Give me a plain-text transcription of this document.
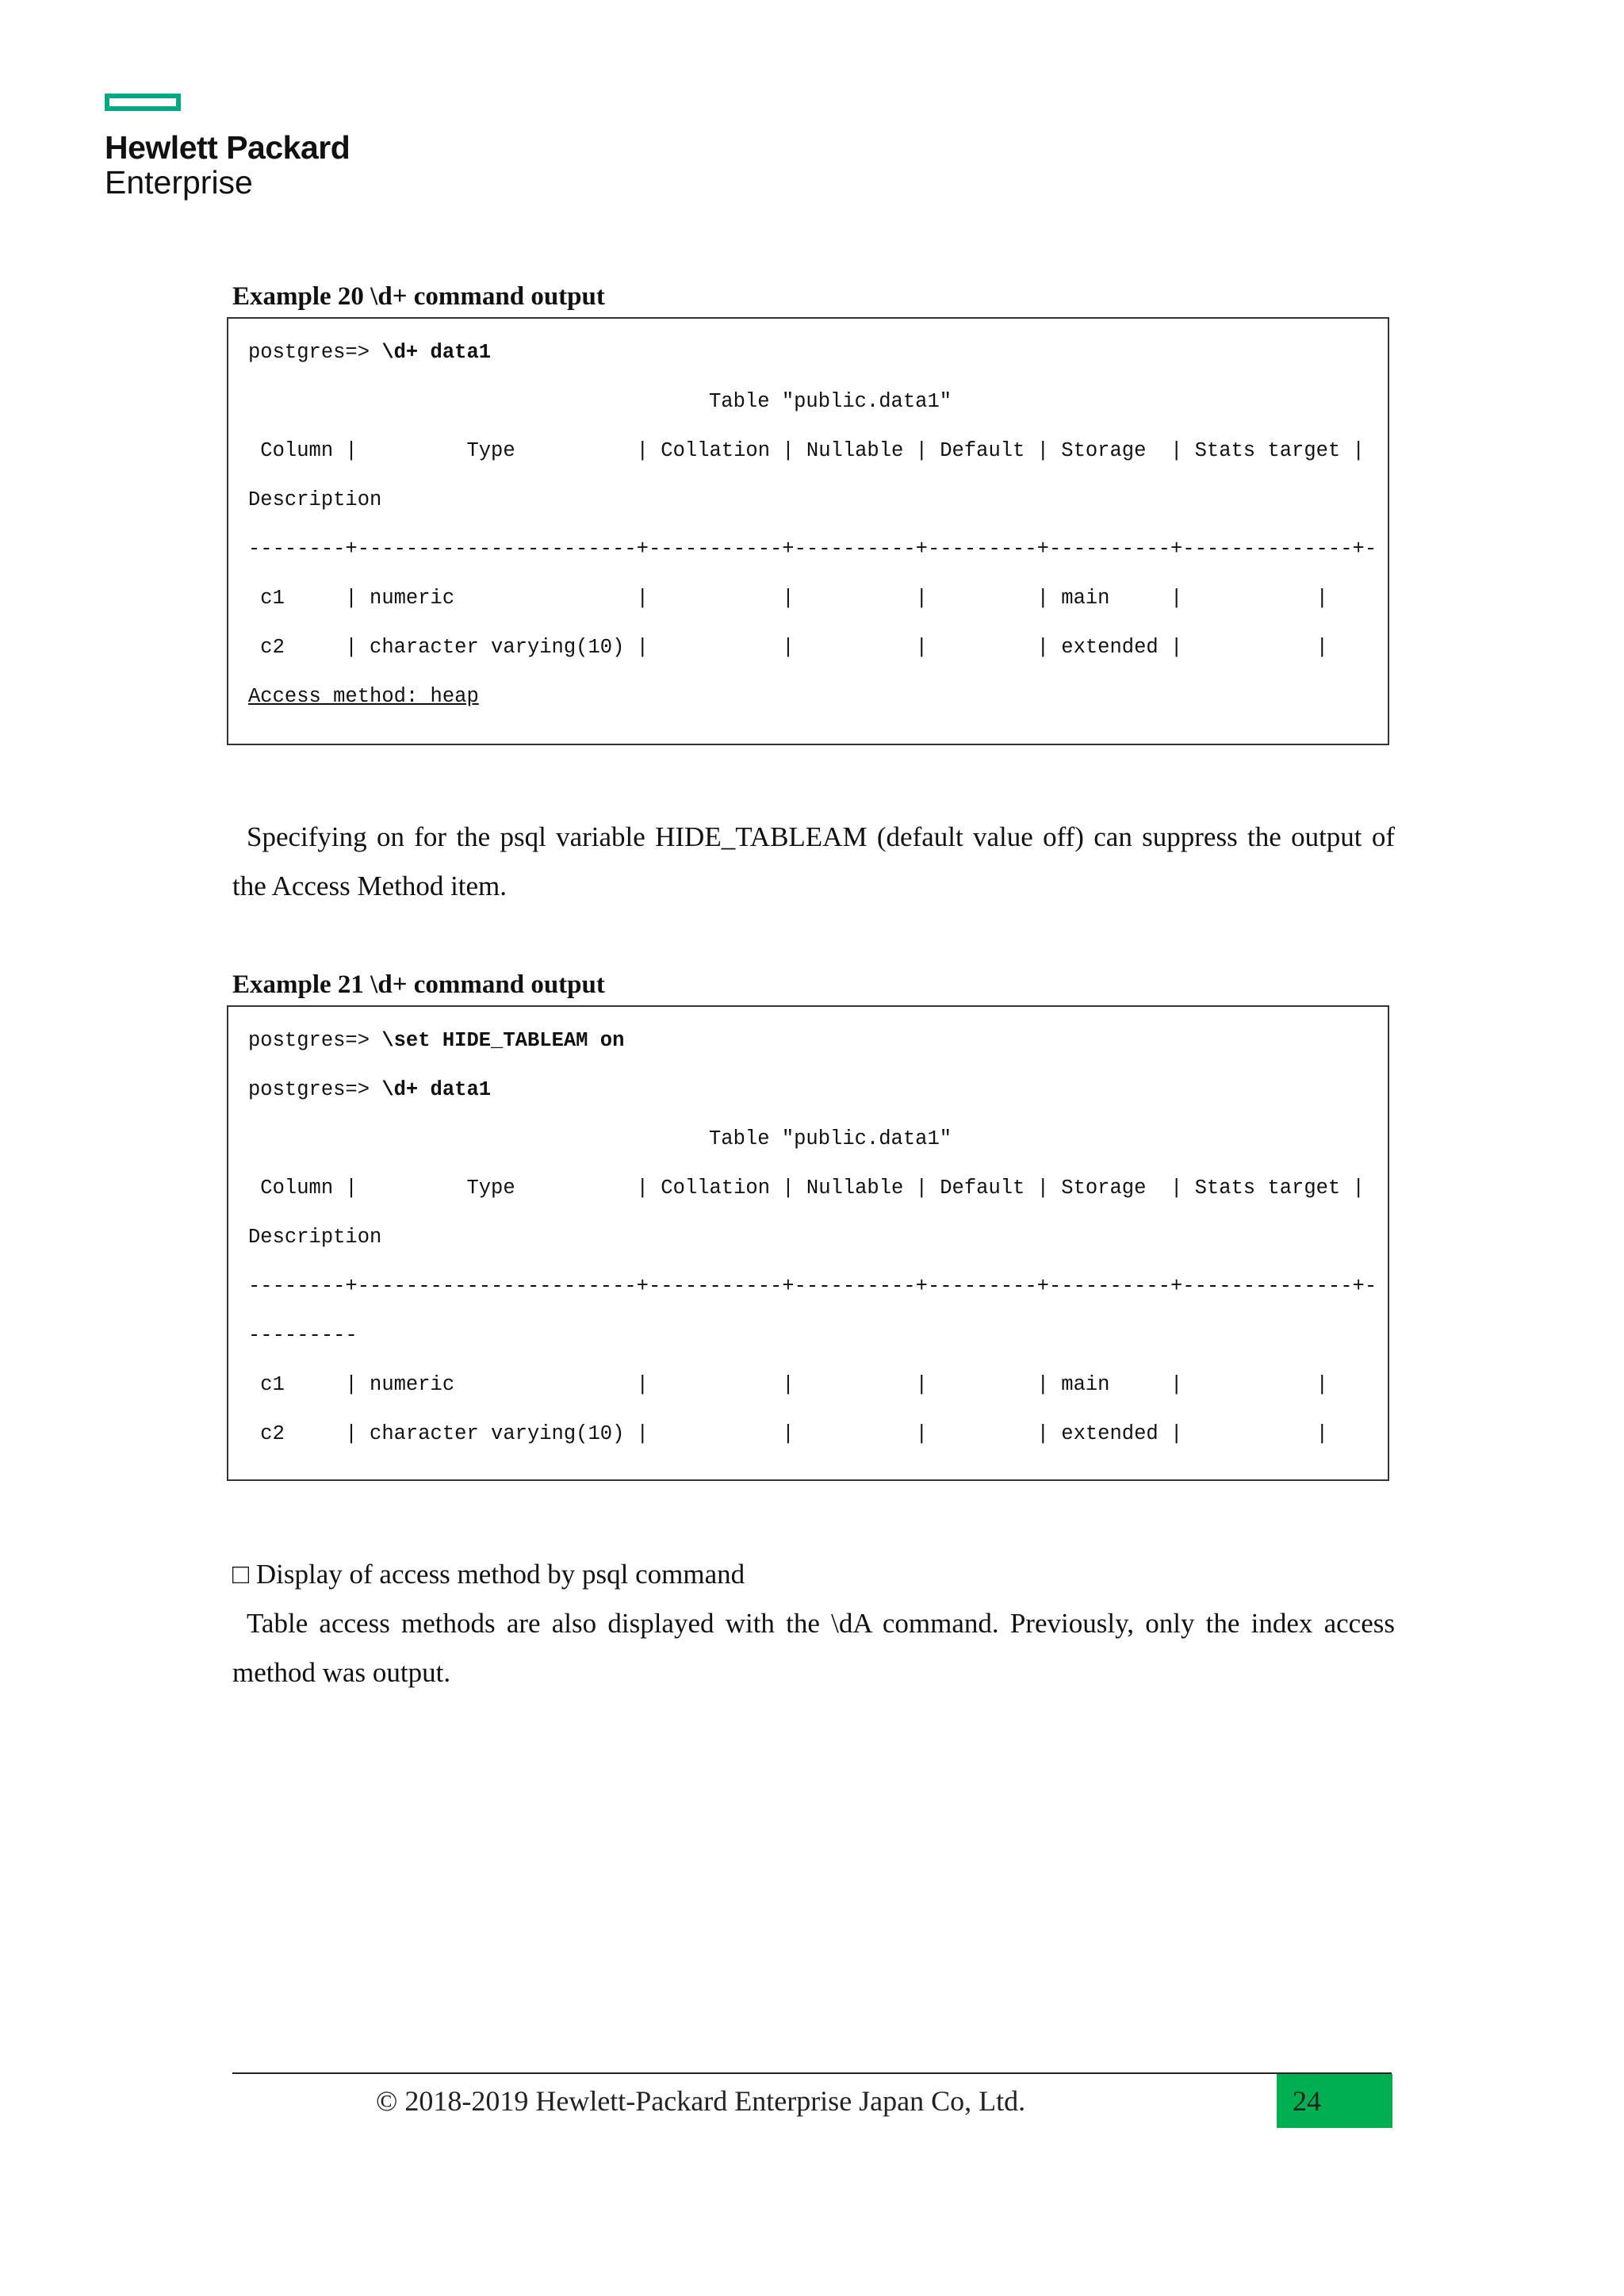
Hewlett Packard
Enterprise
Example 20 \d+ command output
postgres=> \d+ data1
Table "public.data1"
Column |         Type          | Collation | Nullable | Default | Storage  | Stats target |
Description
--------+-----------------------+-----------+----------+---------+----------+--------------+-
c1     | numeric               |           |          |         | main     |           |
c2     | character varying(10) |           |          |         | extended |           |
Access method: heap
Specifying on for the psql variable HIDE_TABLEAM (default value off) can suppress the output of the Access Method item.
Example 21 \d+ command output
postgres=> \set HIDE_TABLEAM on
postgres=> \d+ data1
Table "public.data1"
Column |         Type          | Collation | Nullable | Default | Storage  | Stats target |
Description
--------+-----------------------+-----------+----------+---------+----------+--------------+-
---------
c1     | numeric               |           |          |         | main     |           |
c2     | character varying(10) |           |          |         | extended |           |
□ Display of access method by psql command
Table access methods are also displayed with the \dA command. Previously, only the index access method was output.
© 2018-2019 Hewlett-Packard Enterprise Japan Co, Ltd.	24
